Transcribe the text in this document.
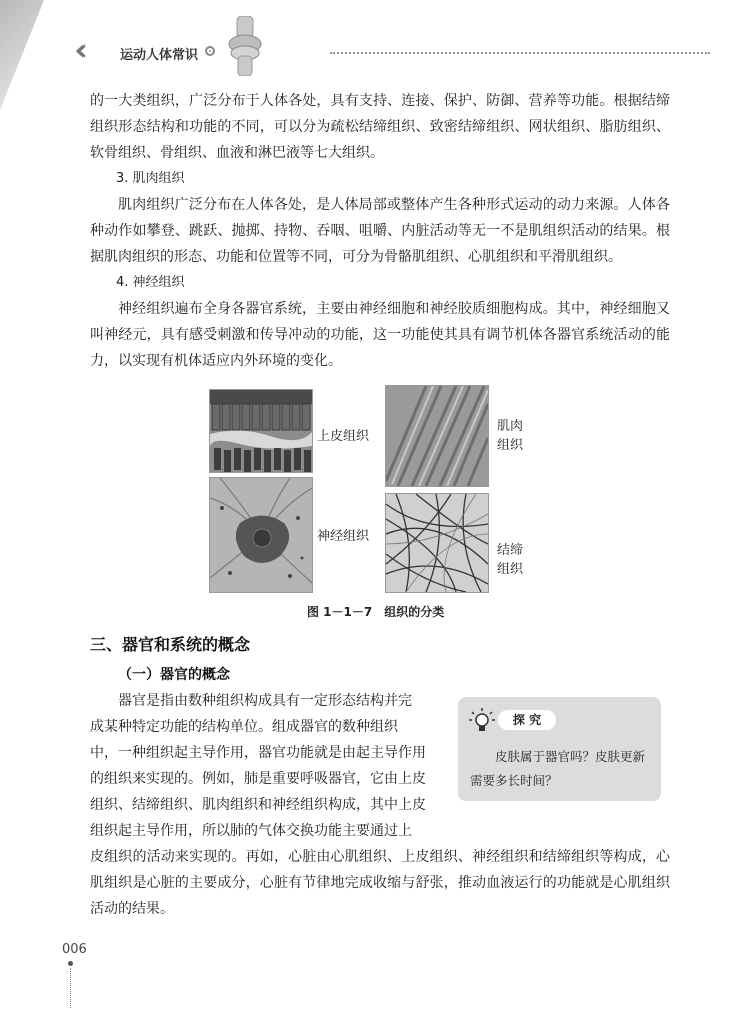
‹‹	运动人体常识

的一大类组织，广泛分布于人体各处，具有支持、连接、保护、防御、营养等功能。根据结缔组织形态结构和功能的不同，可以分为疏松结缔组织、致密结缔组织、网状组织、脂肪组织、软骨组织、骨组织、血液和淋巴液等七大组织。

3. 肌肉组织

肌肉组织广泛分布在人体各处，是人体局部或整体产生各种形式运动的动力来源。人体各种动作如攀登、跳跃、抛掷、持物、吞咽、咀嚼、内脏活动等无一不是肌组织活动的结果。根据肌肉组织的形态、功能和位置等不同，可分为骨骼肌组织、心肌组织和平滑肌组织。

4. 神经组织

神经组织遍布全身各器官系统，主要由神经细胞和神经胶质细胞构成。其中，神经细胞又叫神经元，具有感受刺激和传导冲动的功能，这一功能使其具有调节机体各器官系统活动的能力，以实现有机体适应内外环境的变化。

上皮组织
肌肉组织
神经组织
结缔组织
图 1－1－7　组织的分类
三、器官和系统的概念
（一）器官的概念

器官是指由数种组织构成具有一定形态结构并完

成某种特定功能的结构单位。组成器官的数种组织

中，一种组织起主导作用，器官功能就是由起主导作用

的组织来实现的。例如，肺是重要呼吸器官，它由上皮

组织、结缔组织、肌肉组织和神经组织构成，其中上皮

组织起主导作用，所以肺的气体交换功能主要通过上

皮组织的活动来实现的。再如，心脏由心肌组织、上皮组织、神经组织和结缔组织等构成，心肌组织是心脏的主要成分，心脏有节律地完成收缩与舒张，推动血液运行的功能就是心肌组织活动的结果。

探 究
皮肤属于器官吗？皮肤更新需要多长时间？
006
